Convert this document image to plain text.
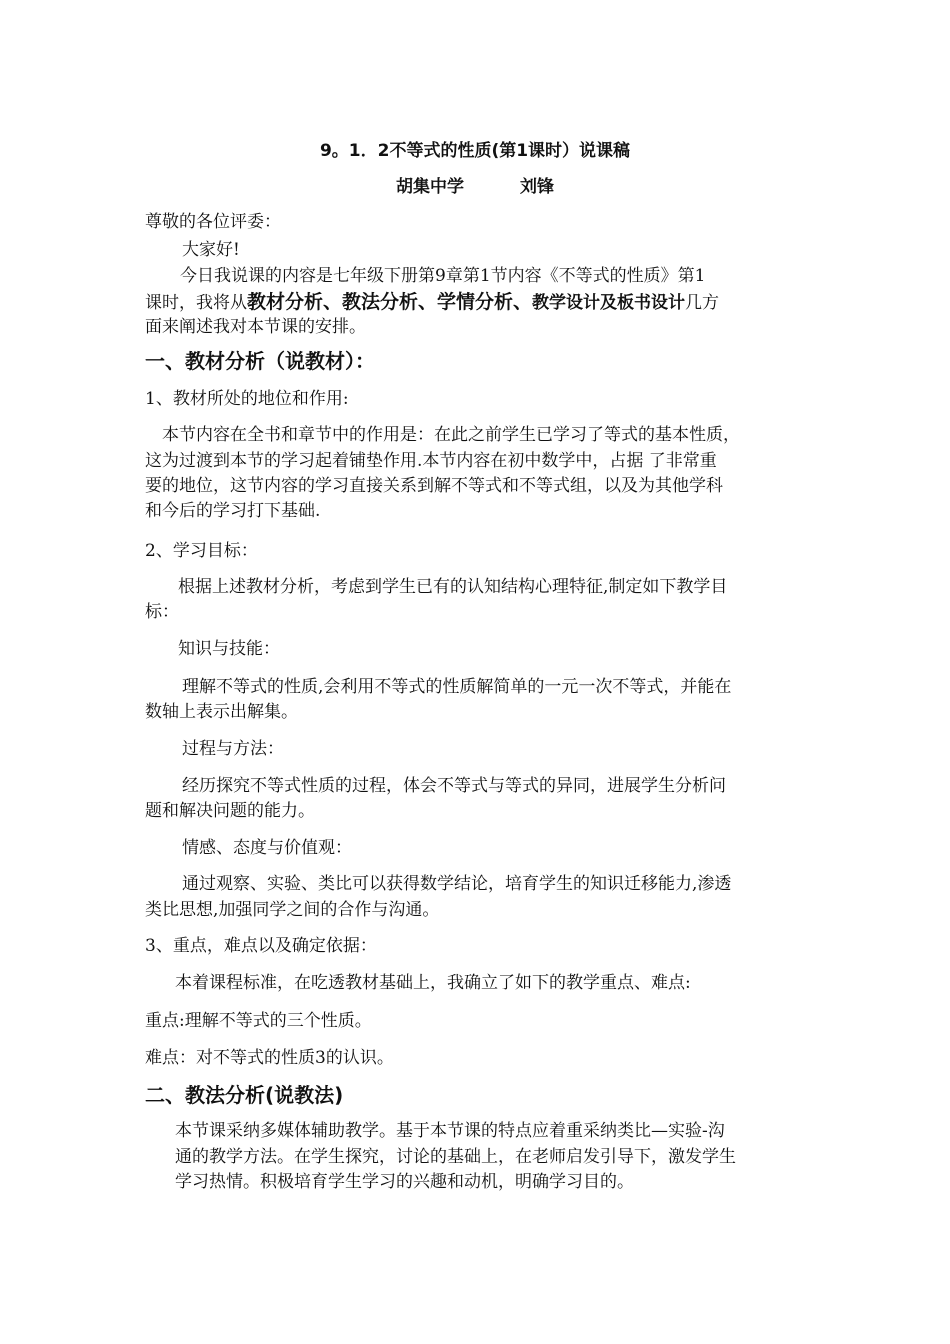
9。1．2不等式的性质(第1课时）说课稿
胡集中学	刘锋
尊敬的各位评委：
大家好!
今日我说课的内容是七年级下册第9章第1节内容《不等式的性质》第1
课时，我将从教材分析、教法分析、学情分析、教学设计及板书设计几方
面来阐述我对本节课的安排。
一、教材分析（说教材）：
1、教材所处的地位和作用:
本节内容在全书和章节中的作用是：在此之前学生已学习了等式的基本性质，
这为过渡到本节的学习起着铺垫作用.本节内容在初中数学中，占据 了非常重
要的地位，这节内容的学习直接关系到解不等式和不等式组，以及为其他学科
和今后的学习打下基础.
2、学习目标：
根据上述教材分析，考虑到学生已有的认知结构心理特征,制定如下教学目
标：
知识与技能：
理解不等式的性质,会利用不等式的性质解简单的一元一次不等式，并能在
数轴上表示出解集。
过程与方法：
经历探究不等式性质的过程，体会不等式与等式的异同，进展学生分析问
题和解决问题的能力。
情感、态度与价值观：
通过观察、实验、类比可以获得数学结论，培育学生的知识迁移能力,渗透
类比思想,加强同学之间的合作与沟通。
3、重点，难点以及确定依据：
本着课程标准，在吃透教材基础上，我确立了如下的教学重点、难点:
重点:理解不等式的三个性质。
难点：对不等式的性质3的认识。
二、教法分析(说教法)
本节课采纳多媒体辅助教学。基于本节课的特点应着重采纳类比—实验-沟
通的教学方法。在学生探究，讨论的基础上，在老师启发引导下，激发学生
学习热情。积极培育学生学习的兴趣和动机，明确学习目的。
